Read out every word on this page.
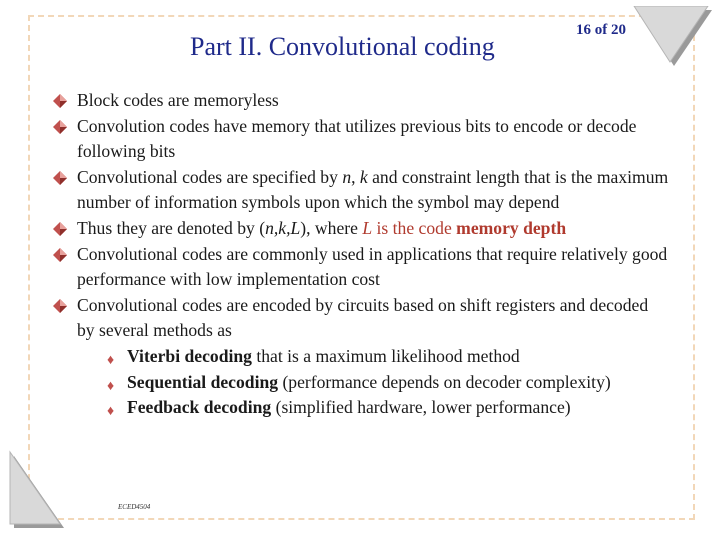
Part II. Convolutional coding
16 of 20
Block codes are memoryless
Convolution codes have memory that utilizes previous bits to encode or decode following bits
Convolutional codes are specified by n, k and constraint length that is the maximum number of information symbols upon which the symbol may depend
Thus they are denoted by (n,k,L), where L is the code memory depth
Convolutional codes are commonly used in applications that require relatively good performance with low implementation cost
Convolutional codes are encoded by circuits based on shift registers and decoded by several methods as
♦ Viterbi decoding that is a maximum likelihood method
♦ Sequential decoding (performance depends on decoder complexity)
♦ Feedback decoding (simplified hardware, lower performance)
ECED4504
